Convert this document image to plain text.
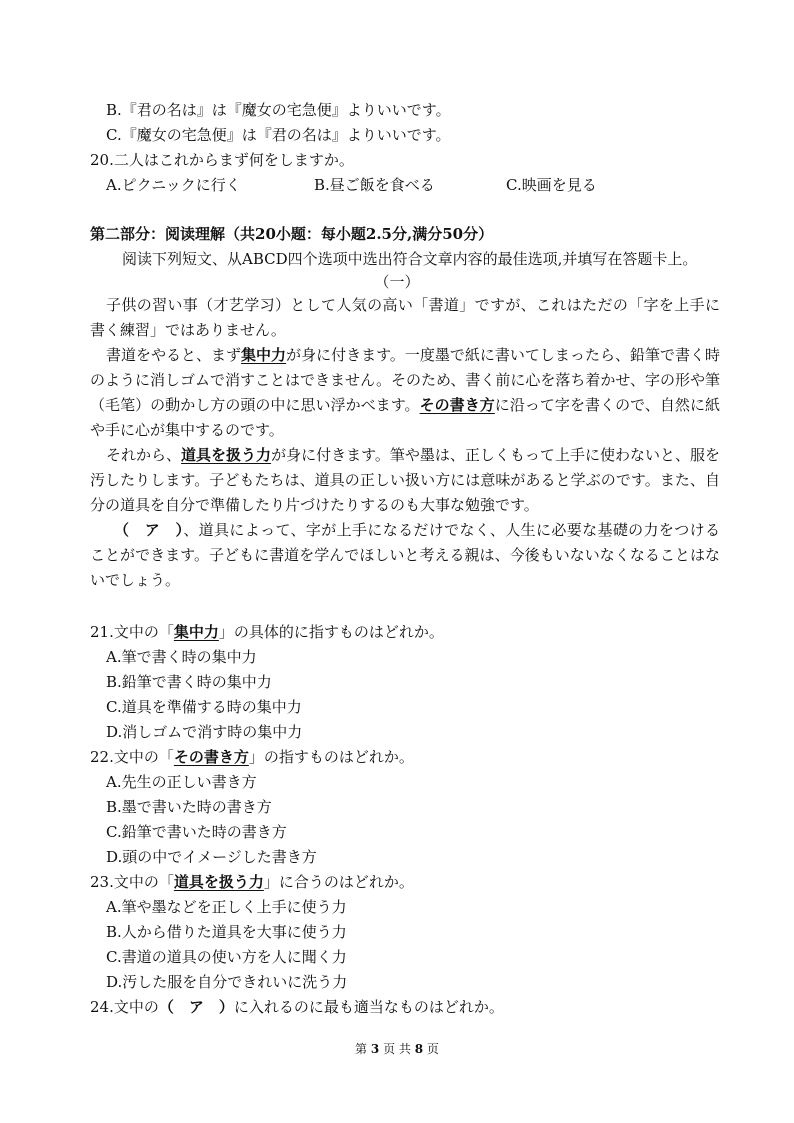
B.『君の名は』は『魔女の宅急便』よりいいです。
C.『魔女の宅急便』は『君の名は』よりいいです。
20.二人はこれからまず何をしますか。
A.ピクニックに行く	B.昼ご飯を食べる	C.映画を見る
第二部分：阅读理解（共20小题：每小题2.5分,满分50分）
阅读下列短文、从ABCD四个选项中选出符合文章内容的最佳选项,并填写在答题卡上。
（一）

子供の習い事（才艺学习）として人気の高い「書道」ですが、これはただの「字を上手に書く練習」ではありません。

書道をやると、まず集中力が身に付きます。一度墨で紙に書いてしまったら、鉛筆で書く時のように消しゴムで消すことはできません。そのため、書く前に心を落ち着かせ、字の形や筆（毛笔）の動かし方の頭の中に思い浮かべます。その書き方に沿って字を書くので、自然に紙や手に心が集中するのです。

それから、道具を扱う力が身に付きます。筆や墨は、正しくもって上手に使わないと、服を汚したりします。子どもたちは、道具の正しい扱い方には意味があると学ぶのです。また、自分の道具を自分で準備したり片づけたりするのも大事な勉強です。

（　ア　）、道具によって、字が上手になるだけでなく、人生に必要な基礎の力をつけることができます。子どもに書道を学んでほしいと考える親は、今後もいないなくなることはないでしょう。

21.文中の「集中力」の具体的に指すものはどれか。
A.筆で書く時の集中力
B.鉛筆で書く時の集中力
C.道具を準備する時の集中力
D.消しゴムで消す時の集中力
22.文中の「その書き方」の指すものはどれか。
A.先生の正しい書き方
B.墨で書いた時の書き方
C.鉛筆で書いた時の書き方
D.頭の中でイメージした書き方
23.文中の「道具を扱う力」に合うのはどれか。
A.筆や墨などを正しく上手に使う力
B.人から借りた道具を大事に使う力
C.書道の道具の使い方を人に聞く力
D.汚した服を自分できれいに洗う力
24.文中の（　ア　）に入れるのに最も適当なものはどれか。
第 3 页 共 8 页
